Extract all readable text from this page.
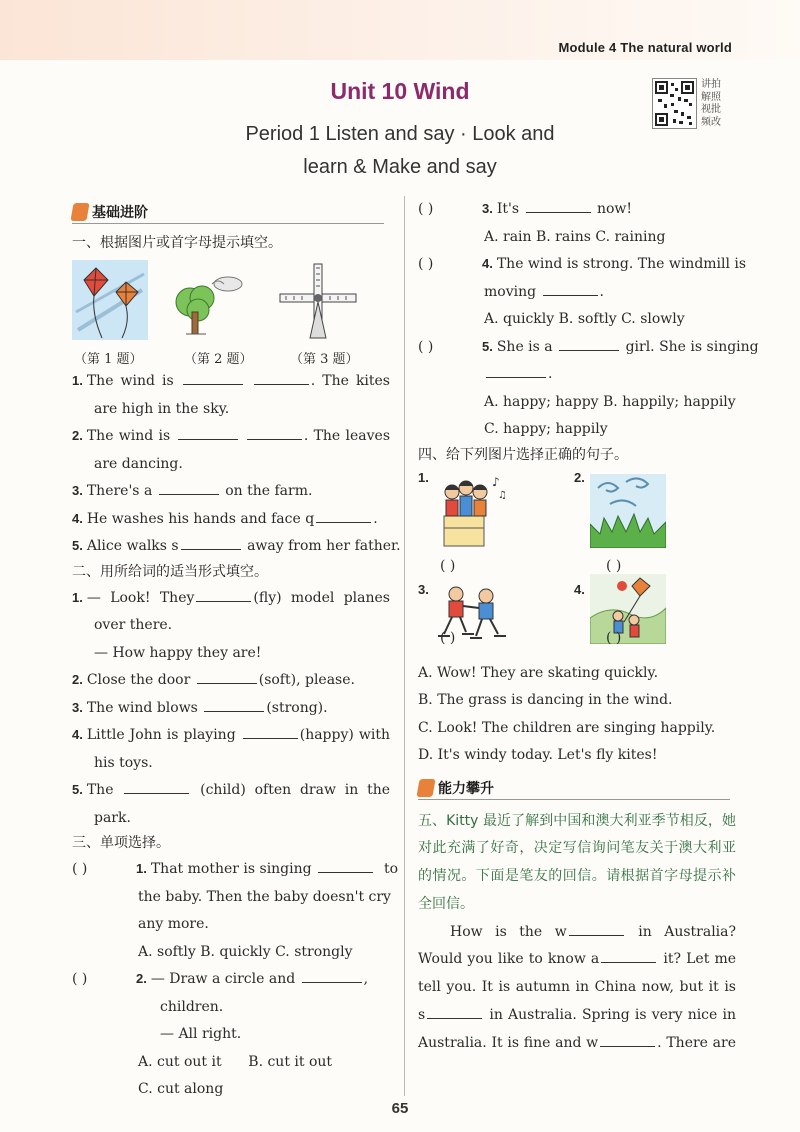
Module 4 The natural world
Unit 10 Wind
Period 1 Listen and say · Look and
learn & Make and say
讲拍
解照
视批
频改
基础进阶
一、根据图片或首字母提示填空。
（第 1 题）	（第 2 题）	（第 3 题）
1. The wind is	. The kites
are high in the sky.
2. The wind is	. The leaves
are dancing.
3. There's a	on the farm.
4. He washes his hands and face q	.
5. Alice walks s	away from her father.
二、用所给词的适当形式填空。
1. — Look! They	(fly) model planes
over there.
— How happy they are!
2. Close the door	(soft), please.
3. The wind blows	(strong).
4. Little John is playing	(happy) with
his toys.
5. The	(child) often draw in the
park.
三、单项选择。
( )	1. That mother is singing	to
the baby. Then the baby doesn't cry
any more.
A. softly B. quickly C. strongly
( )	2. — Draw a circle and	,
children.
— All right.
A. cut out it B. cut it out
C. cut along
( )	3. It's	now!
A. rain B. rains C. raining
( )	4. The wind is strong. The windmill is
moving	.
A. quickly B. softly C. slowly
( )	5. She is a	girl. She is singing
.
A. happy; happy B. happily; happily
C. happy; happily
四、给下列图片选择正确的句子。
1.	♪
♫
( )
2.
( )
3.
( )
4.
( )
A. Wow! They are skating quickly.
B. The grass is dancing in the wind.
C. Look! The children are singing happily.
D. It's windy today. Let's fly kites!
能力攀升
五、Kitty 最近了解到中国和澳大利亚季节相反，她对此充满了好奇，决定写信询问笔友关于澳大利亚的情况。下面是笔友的回信。请根据首字母提示补全回信。
How is the w	in Australia?
Would you like to know a	it? Let me
tell you. It is autumn in China now, but it is
s	in Australia. Spring is very nice in
Australia. It is fine and w	. There are
65
